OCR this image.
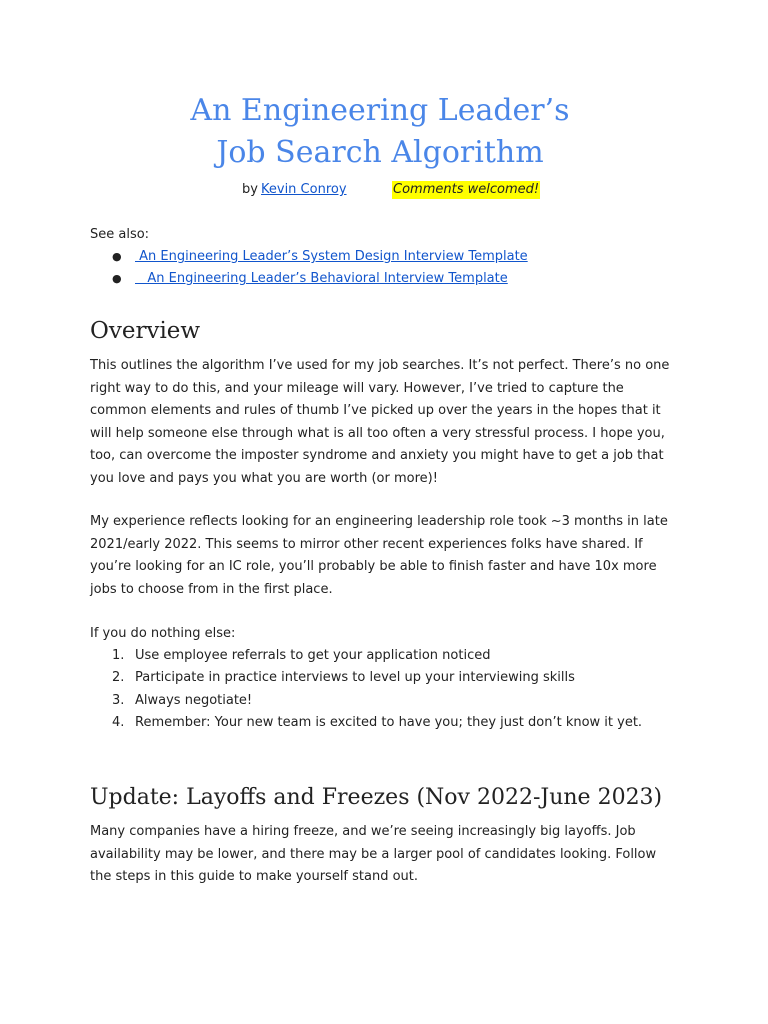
An Engineering Leader’s
Job Search Algorithm
by Kevin Conroy	Comments welcomed!

See also:

● An Engineering Leader’s System Design Interview Template
● An Engineering Leader’s Behavioral Interview Template
Overview

This outlines the algorithm I’ve used for my job searches. It’s not perfect. There’s no one right way to do this, and your mileage will vary. However, I’ve tried to capture the common elements and rules of thumb I’ve picked up over the years in the hopes that it will help someone else through what is all too often a very stressful process. I hope you, too, can overcome the imposter syndrome and anxiety you might have to get a job that you love and pays you what you are worth (or more)!

My experience reflects looking for an engineering leadership role took ~3 months in late 2021/early 2022. This seems to mirror other recent experiences folks have shared. If you’re looking for an IC role, you’ll probably be able to finish faster and have 10x more jobs to choose from in the first place.

If you do nothing else:

1. Use employee referrals to get your application noticed
2. Participate in practice interviews to level up your interviewing skills
3. Always negotiate!
4. Remember: Your new team is excited to have you; they just don’t know it yet.
Update: Layoffs and Freezes (Nov 2022-June 2023)

Many companies have a hiring freeze, and we’re seeing increasingly big layoffs. Job availability may be lower, and there may be a larger pool of candidates looking. Follow the steps in this guide to make yourself stand out.
